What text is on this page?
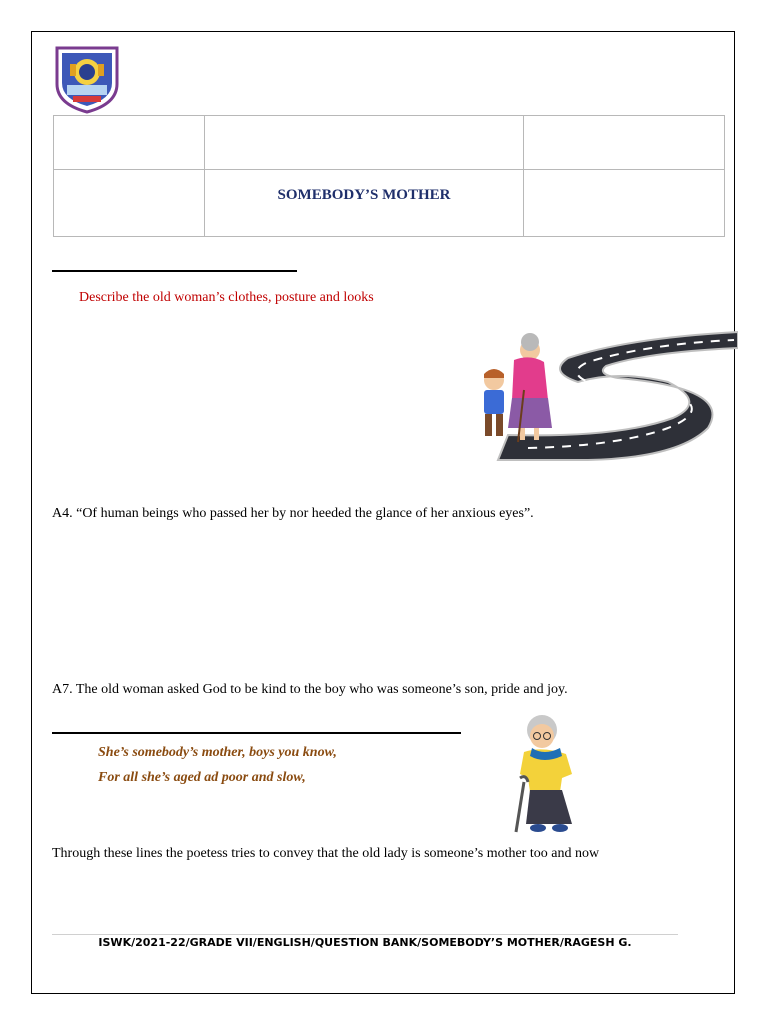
	SOMEBODY’S MOTHER	
Describe the old woman’s clothes, posture and looks
A4. “Of human beings who passed her by nor heeded the glance of her anxious eyes”.
A7. The old woman asked God to be kind to the boy who was someone’s son, pride and joy.
She’s somebody’s mother, boys you know,
For all she’s aged ad poor and slow,
Through these lines the poetess tries to convey that the old lady is someone’s mother too and now
ISWK/2021-22/GRADE VII/ENGLISH/QUESTION BANK/SOMEBODY’S MOTHER/RAGESH G.
